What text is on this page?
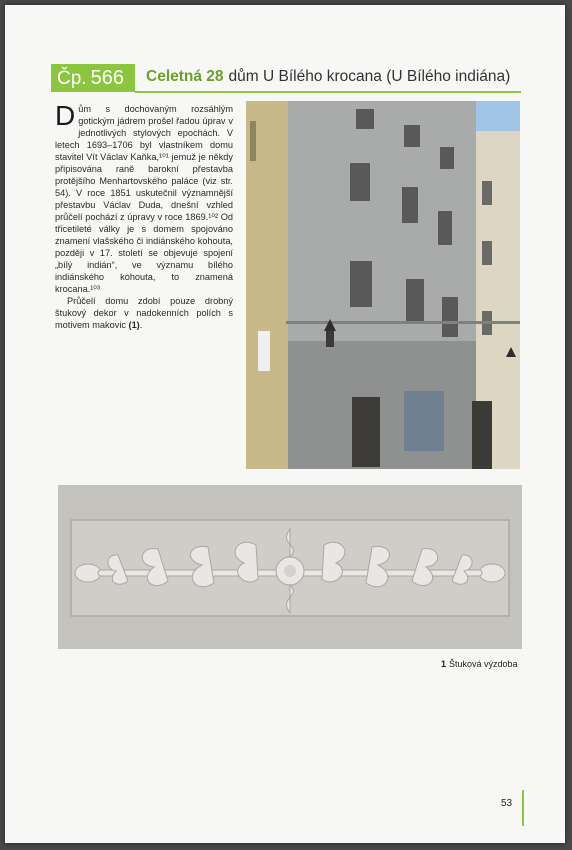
Čp. 566	Celetná 28 dům U Bílého krocana (U Bílého indiána)

Dům s dochovaným rozsáhlým gotickým jádrem prošel řadou úprav v jednotlivých stylových epochách. V letech 1693–1706 byl vlastníkem domu stavitel Vít Václav Kaňka,¹⁰¹ jemuž je někdy připisována raně barokní přestavba protějšího Menhartovského paláce (viz str. 54). V roce 1851 uskutečnil významnější přestavbu Václav Duda, dnešní vzhled průčelí pochází z úpravy v roce 1869.¹⁰² Od třicetileté války je s domem spojováno znamení vlašského či indiánského kohouta, později v 17. století se objevuje spojení „bílý indián“, ve významu bílého indiánského kohouta, to znamená krocana.¹⁰³

Průčelí domu zdobí pouze drobný štukový dekor v nadokenních polích s motivem makovic (1).

1 Štuková výzdoba
53
